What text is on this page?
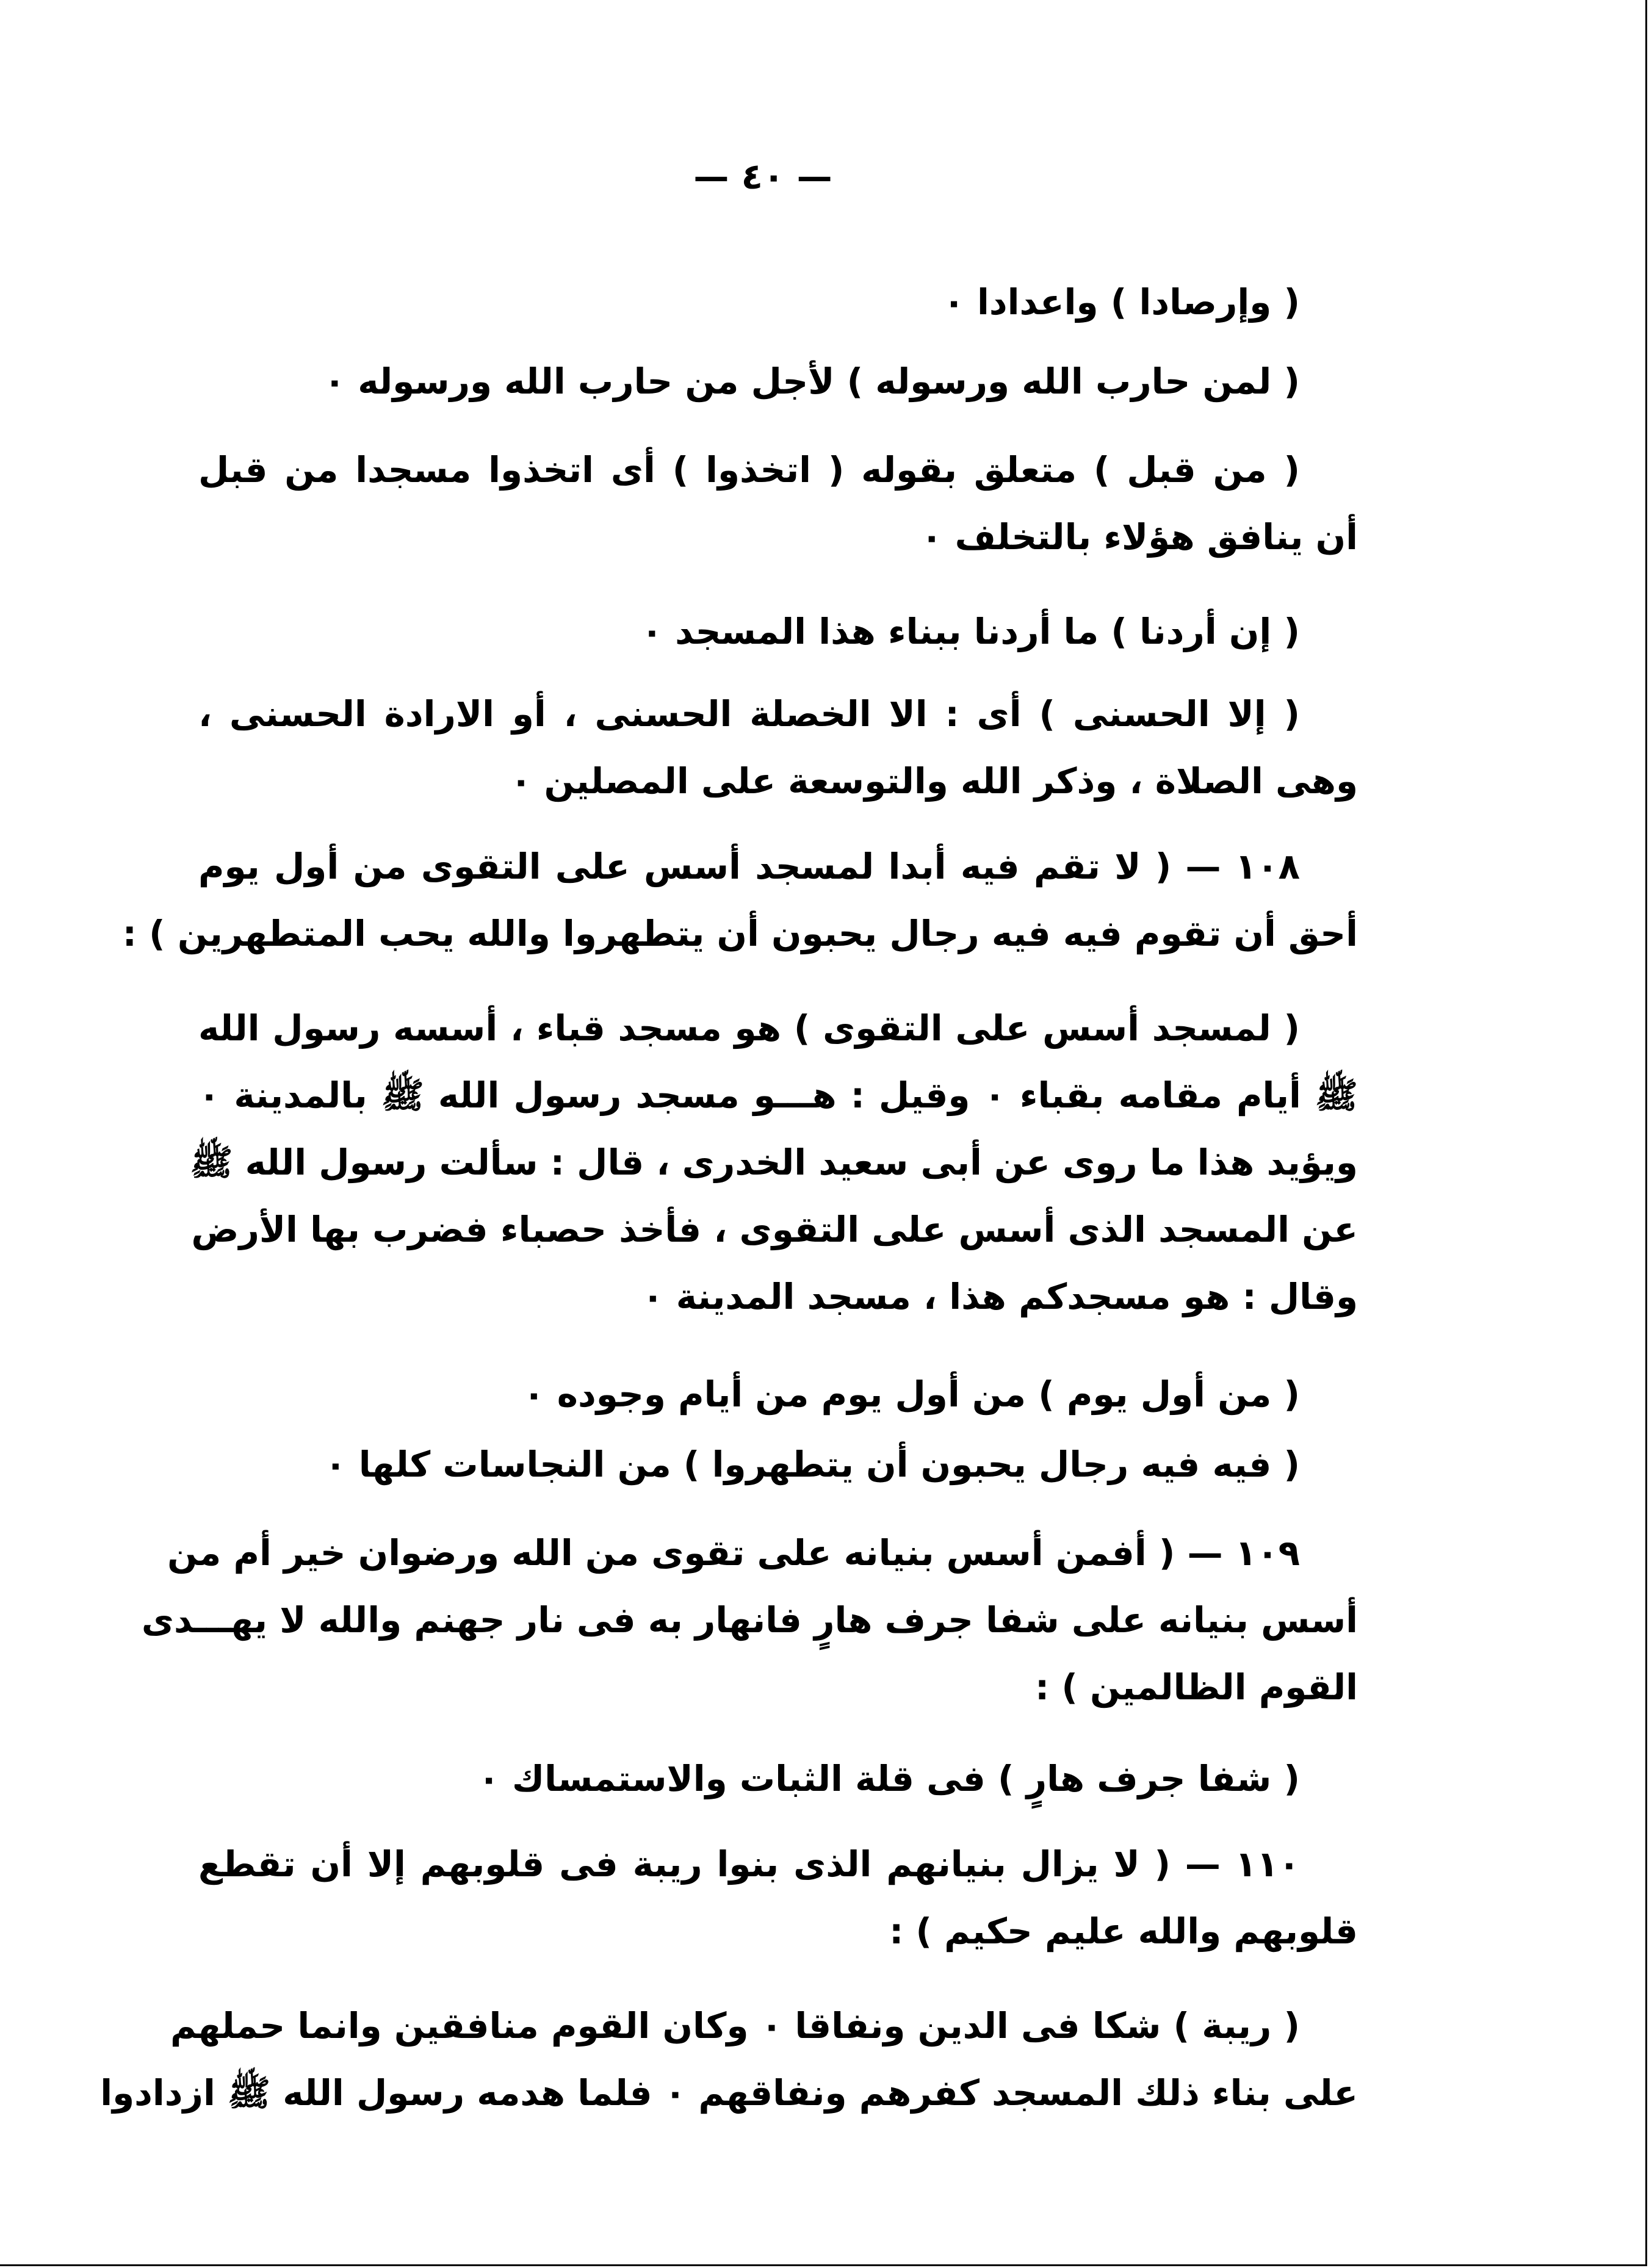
— ٤٠ —
( وإرصادا ) واعدادا ٠
( لمن حارب الله ورسوله ) لأجل من حارب الله ورسوله ٠
( من قبل ) متعلق بقوله ( اتخذوا ) أى اتخذوا مسجدا من قبل
أن ينافق هؤلاء بالتخلف ٠
( إن أردنا ) ما أردنا ببناء هذا المسجد ٠
( إلا الحسنى ) أى : الا الخصلة الحسنى ، أو الارادة الحسنى ،
وهى الصلاة ، وذكر الله والتوسعة على المصلين ٠
١٠٨ — ( لا تقم فيه أبدا لمسجد أسس على التقوى من أول يوم
أحق أن تقوم فيه فيه رجال يحبون أن يتطهروا والله يحب المتطهرين ) :
( لمسجد أسس على التقوى ) هو مسجد قباء ، أسسه رسول الله
ﷺ أيام مقامه بقباء ٠ وقيل : هـــو مسجد رسول الله ﷺ بالمدينة ٠
ويؤيد هذا ما روى عن أبى سعيد الخدرى ، قال : سألت رسول الله ﷺ
عن المسجد الذى أسس على التقوى ، فأخذ حصباء فضرب بها الأرض
وقال : هو مسجدكم هذا ، مسجد المدينة ٠
( من أول يوم ) من أول يوم من أيام وجوده ٠
( فيه فيه رجال يحبون أن يتطهروا ) من النجاسات كلها ٠
١٠٩ — ( أفمن أسس بنيانه على تقوى من الله ورضوان خير أم من
أسس بنيانه على شفا جرف هارٍ فانهار به فى نار جهنم والله لا يهـــدى
القوم الظالمين ) :
( شفا جرف هارٍ ) فى قلة الثبات والاستمساك ٠
١١٠ — ( لا يزال بنيانهم الذى بنوا ريبة فى قلوبهم إلا أن تقطع
قلوبهم والله عليم حكيم ) :
( ريبة ) شكا فى الدين ونفاقا ٠ وكان القوم منافقين وانما حملهم
على بناء ذلك المسجد كفرهم ونفاقهم ٠ فلما هدمه رسول الله ﷺ ازدادوا
